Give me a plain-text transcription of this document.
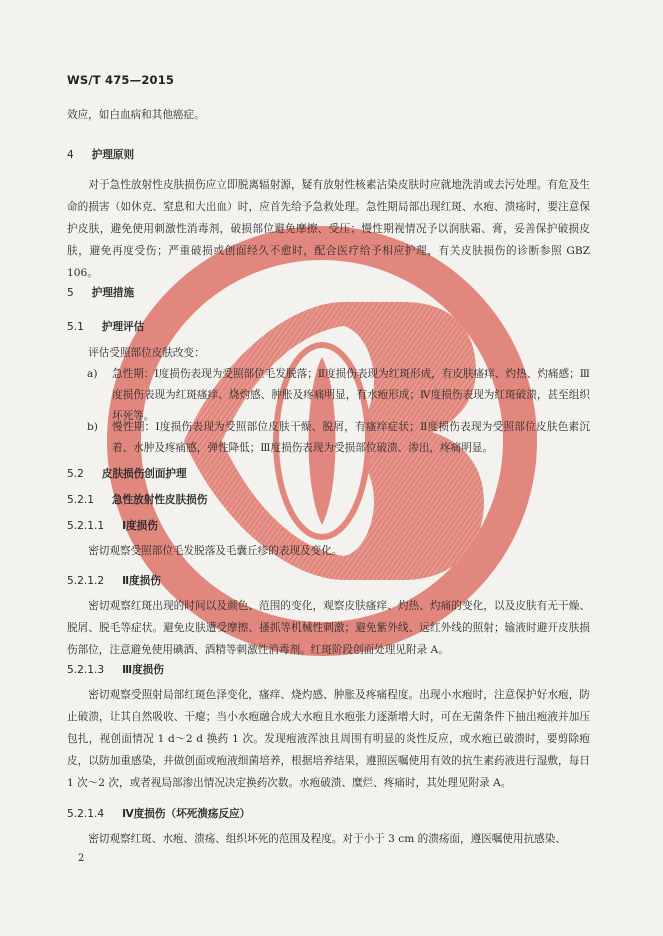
WS/T 475—2015
效应，如白血病和其他癌症。
4 护理原则
对于急性放射性皮肤损伤应立即脱离辐射源，疑有放射性核素沾染皮肤时应就地洗消或去污处理。有危及生命的损害（如休克、窒息和大出血）时，应首先给予急救处理。急性期局部出现红斑、水疱、溃疡时，要注意保护皮肤，避免使用刺激性消毒剂，破损部位避免摩擦、受压；慢性期视情况予以润肤霜、膏，妥善保护破损皮肤，避免再度受伤；严重破损或创面经久不愈时，配合医疗给予相应护理，有关皮肤损伤的诊断参照 GBZ 106。
5 护理措施
5.1 护理评估
评估受照部位皮肤改变：
a) 急性期：Ⅰ度损伤表现为受照部位毛发脱落；Ⅱ度损伤表现为红斑形成，有皮肤瘙痒、灼热、灼痛感；Ⅲ度损伤表现为红斑瘙痒、烧灼感、肿胀及疼痛明显，有水疱形成；Ⅳ度损伤表现为红斑破溃，甚至组织坏死等。
b) 慢性期：Ⅰ度损伤表现为受照部位皮肤干燥、脱屑，有瘙痒症状；Ⅱ度损伤表现为受照部位皮肤色素沉着、水肿及疼痛感，弹性降低；Ⅲ度损伤表现为受损部位破溃、渗出，疼痛明显。
5.2 皮肤损伤创面护理
5.2.1 急性放射性皮肤损伤
5.2.1.1 Ⅰ度损伤
密切观察受照部位毛发脱落及毛囊丘疹的表现及变化。
5.2.1.2 Ⅱ度损伤
密切观察红斑出现的时间以及颜色、范围的变化，观察皮肤瘙痒、灼热、灼痛的变化，以及皮肤有无干燥、脱屑、脱毛等症状。避免皮肤遭受摩擦、搔抓等机械性刺激；避免紫外线、远红外线的照射；输液时避开皮肤损伤部位，注意避免使用碘酒、酒精等刺激性消毒剂。红斑阶段创面处理见附录 A。
5.2.1.3 Ⅲ度损伤
密切观察受照射局部红斑色泽变化，瘙痒、烧灼感、肿胀及疼痛程度。出现小水疱时，注意保护好水疱，防止破溃，让其自然吸收、干瘪；当小水疱融合成大水疱且水疱张力逐渐增大时，可在无菌条件下抽出疱液并加压包扎，视创面情况 1 d～2 d 换药 1 次。发现疱液浑浊且周围有明显的炎性反应，或水疱已破溃时，要剪除疱皮，以防加重感染，并做创面或疱液细菌培养，根据培养结果，遵照医嘱使用有效的抗生素药液进行湿敷，每日 1 次～2 次，或者视局部渗出情况决定换药次数。水疱破溃、糜烂、疼痛时，其处理见附录 A。
5.2.1.4 Ⅳ度损伤（坏死溃疡反应）
密切观察红斑、水疱、溃疡、组织坏死的范围及程度。对于小于 3 cm 的溃疡面，遵医嘱使用抗感染、
2
